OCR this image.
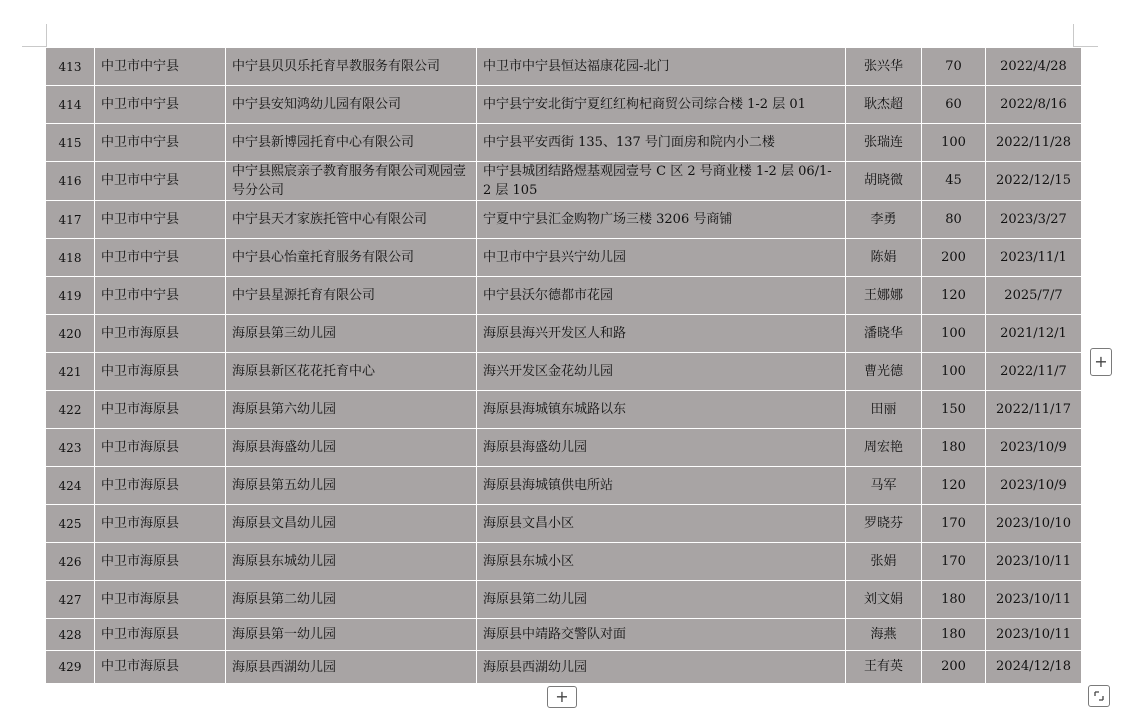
413	中卫市中宁县	中宁县贝贝乐托育早教服务有限公司	中卫市中宁县恒达福康花园-北门	张兴华	70	2022/4/28
414	中卫市中宁县	中宁县安知鸿幼儿园有限公司	中宁县宁安北街宁夏红红枸杞商贸公司综合楼 1-2 层 01	耿杰超	60	2022/8/16
415	中卫市中宁县	中宁县新博园托育中心有限公司	中宁县平安西街 135、137 号门面房和院内小二楼	张瑞连	100	2022/11/28
416	中卫市中宁县	中宁县熙宸亲子教育服务有限公司观园壹号分公司	中宁县城团结路煜基观园壹号 C 区 2 号商业楼 1-2 层 06/1-2 层 105	胡晓微	45	2022/12/15
417	中卫市中宁县	中宁县天才家族托管中心有限公司	宁夏中宁县汇金购物广场三楼 3206 号商铺	李勇	80	2023/3/27
418	中卫市中宁县	中宁县心怡童托育服务有限公司	中卫市中宁县兴宁幼儿园	陈娟	200	2023/11/1
419	中卫市中宁县	中宁县星源托育有限公司	中宁县沃尔德都市花园	王娜娜	120	2025/7/7
420	中卫市海原县	海原县第三幼儿园	海原县海兴开发区人和路	潘晓华	100	2021/12/1
421	中卫市海原县	海原县新区花花托育中心	海兴开发区金花幼儿园	曹光德	100	2022/11/7
422	中卫市海原县	海原县第六幼儿园	海原县海城镇东城路以东	田丽	150	2022/11/17
423	中卫市海原县	海原县海盛幼儿园	海原县海盛幼儿园	周宏艳	180	2023/10/9
424	中卫市海原县	海原县第五幼儿园	海原县海城镇供电所站	马军	120	2023/10/9
425	中卫市海原县	海原县文昌幼儿园	海原县文昌小区	罗晓芬	170	2023/10/10
426	中卫市海原县	海原县东城幼儿园	海原县东城小区	张娟	170	2023/10/11
427	中卫市海原县	海原县第二幼儿园	海原县第二幼儿园	刘文娟	180	2023/10/11
428	中卫市海原县	海原县第一幼儿园	海原县中靖路交警队对面	海燕	180	2023/10/11
429	中卫市海原县	海原县西湖幼儿园	海原县西湖幼儿园	王有英	200	2024/12/18
+
+
